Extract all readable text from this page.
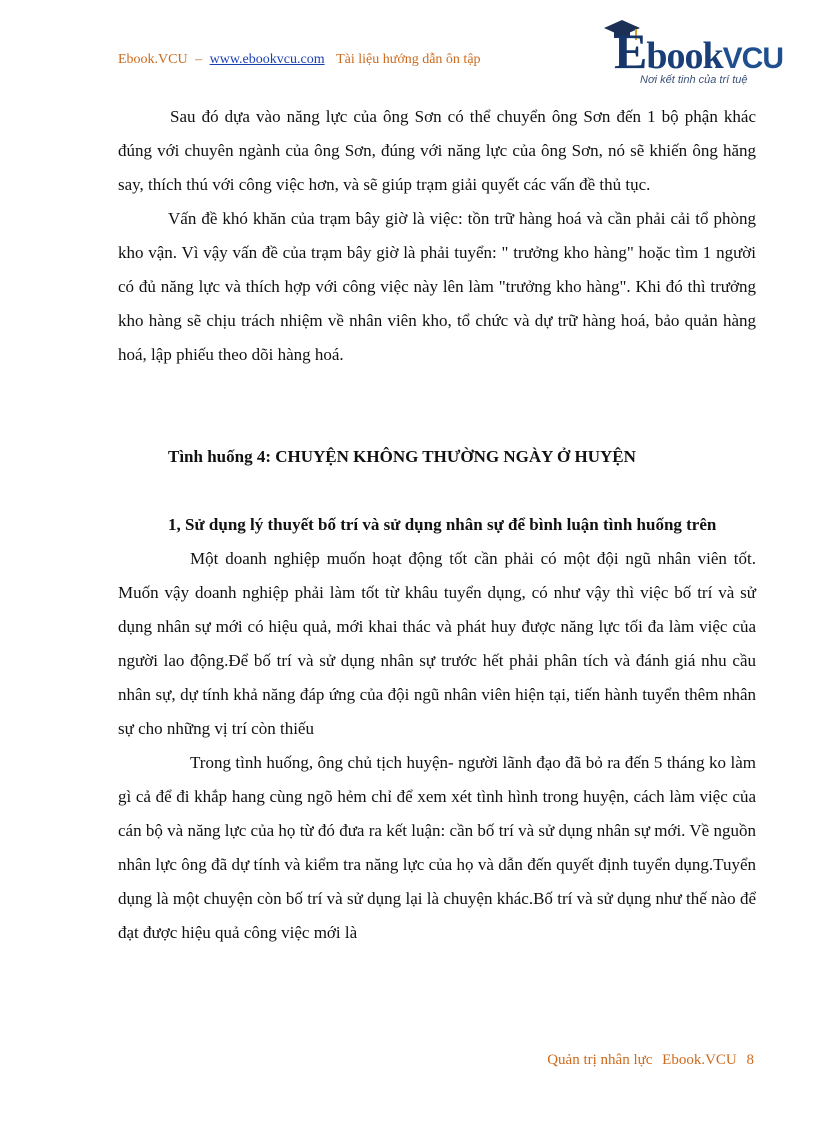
Ebook.VCU – www.ebookvcu.com Tài liệu hướng dẫn ôn tập	EbookVCU
Nơi kết tinh của trí tuệ

Sau đó dựa vào năng lực của ông Sơn có thể chuyển ông Sơn đến 1 bộ phận khác đúng với chuyên ngành của ông Sơn, đúng với năng lực của ông Sơn, nó sẽ khiến ông hăng say, thích thú với công việc hơn, và sẽ giúp trạm giải quyết các vấn đề thủ tục.

Vấn đề khó khăn của trạm bây giờ là việc: tồn trữ hàng hoá và cần phải cải tổ phòng kho vận. Vì vậy vấn đề của trạm bây giờ là phải tuyển: " trưởng kho hàng" hoặc tìm 1 người có đủ năng lực và thích hợp với công việc này lên làm "trưởng kho hàng". Khi đó thì trưởng kho hàng sẽ chịu trách nhiệm về nhân viên kho, tổ chức và dự trữ hàng hoá, bảo quản hàng hoá, lập phiếu theo dõi hàng hoá.

Tình huống 4: CHUYỆN KHÔNG THƯỜNG NGÀY Ở HUYỆN

1, Sử dụng lý thuyết bố trí và sử dụng nhân sự để bình luận tình huống trên

Một doanh nghiệp muốn hoạt động tốt cần phải có một đội ngũ nhân viên tốt. Muốn vậy doanh nghiệp phải làm tốt từ khâu tuyển dụng, có như vậy thì việc bố trí và sử dụng nhân sự mới có hiệu quả, mới khai thác và phát huy được năng lực tối đa làm việc của người lao động.Để bố trí và sử dụng nhân sự trước hết phải phân tích và đánh giá nhu cầu nhân sự, dự tính khả năng đáp ứng của đội ngũ nhân viên hiện tại, tiến hành tuyển thêm nhân sự cho những vị trí còn thiếu

Trong tình huống, ông chủ tịch huyện- người lãnh đạo đã bỏ ra đến 5 tháng ko làm gì cả để đi khắp hang cùng ngõ hẻm chỉ để xem xét tình hình trong huyện, cách làm việc của cán bộ và năng lực của họ từ đó đưa ra kết luận: cần bố trí và sử dụng nhân sự mới. Về nguồn nhân lực ông đã dự tính và kiểm tra năng lực của họ và dẫn đến quyết định tuyển dụng.Tuyển dụng là một chuyện còn bố trí và sử dụng lại là chuyện khác.Bố trí và sử dụng như thế nào để đạt được hiệu quả công việc mới là

Quản trị nhân lực Ebook.VCU 8
